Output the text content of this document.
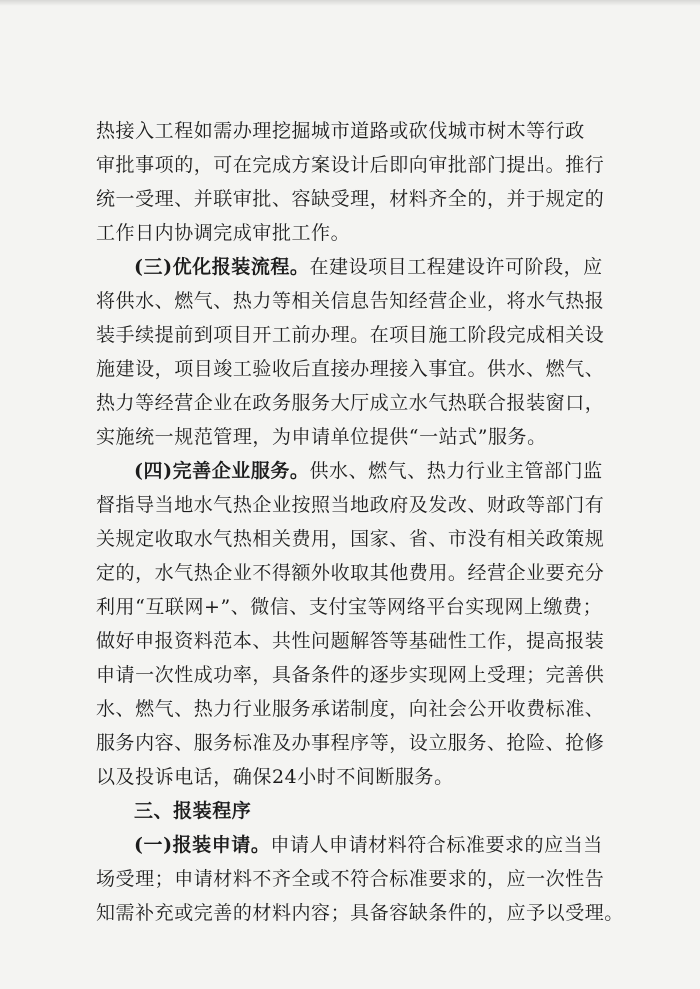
热接入工程如需办理挖掘城市道路或砍伐城市树木等行政
审批事项的，可在完成方案设计后即向审批部门提出。推行
统一受理、并联审批、容缺受理，材料齐全的，并于规定的
工作日内协调完成审批工作。
(三)优化报装流程。在建设项目工程建设许可阶段，应
将供水、燃气、热力等相关信息告知经营企业，将水气热报
装手续提前到项目开工前办理。在项目施工阶段完成相关设
施建设，项目竣工验收后直接办理接入事宜。供水、燃气、
热力等经营企业在政务服务大厅成立水气热联合报装窗口，
实施统一规范管理，为申请单位提供“一站式”服务。
(四)完善企业服务。供水、燃气、热力行业主管部门监
督指导当地水气热企业按照当地政府及发改、财政等部门有
关规定收取水气热相关费用，国家、省、市没有相关政策规
定的，水气热企业不得额外收取其他费用。经营企业要充分
利用“互联网+”、微信、支付宝等网络平台实现网上缴费；
做好申报资料范本、共性问题解答等基础性工作，提高报装
申请一次性成功率，具备条件的逐步实现网上受理；完善供
水、燃气、热力行业服务承诺制度，向社会公开收费标准、
服务内容、服务标准及办事程序等，设立服务、抢险、抢修
以及投诉电话，确保24小时不间断服务。
三、报装程序
(一)报装申请。申请人申请材料符合标准要求的应当当
场受理；申请材料不齐全或不符合标准要求的，应一次性告
知需补充或完善的材料内容；具备容缺条件的，应予以受理。
